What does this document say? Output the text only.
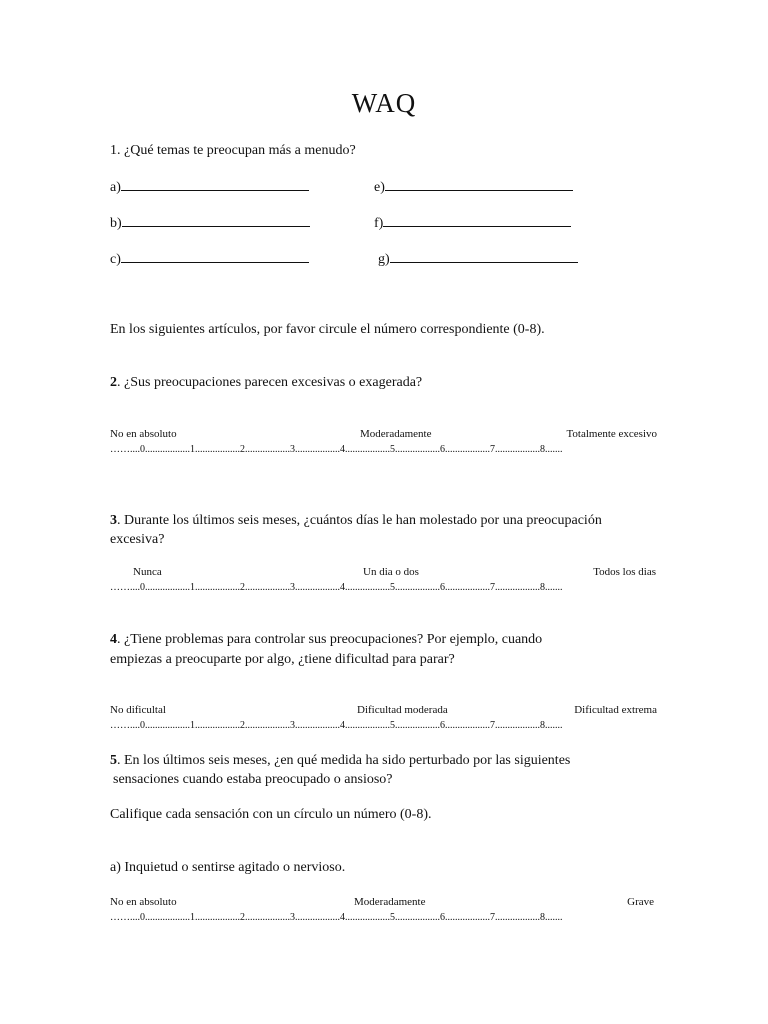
WAQ
1. ¿Qué temas te preocupan más a menudo?
a)	e)
b)	f)
c)	g)
En los siguientes artículos, por favor circule el número correspondiente (0-8).
2. ¿Sus preocupaciones parecen excesivas o exagerada?
No en absoluto	Moderadamente	Totalmente excesivo
……....0..................1..................2..................3..................4..................5..................6..................7..................8.......
3. Durante los últimos seis meses, ¿cuántos días le han molestado por una preocupación
excesiva?
Nunca	Un dia o dos	Todos los dias
……....0..................1..................2..................3..................4..................5..................6..................7..................8.......
4. ¿Tiene problemas para controlar sus preocupaciones? Por ejemplo, cuando
empiezas a preocuparte por algo, ¿tiene dificultad para parar?
No dificultal	Dificultad moderada	Dificultad extrema
……....0..................1..................2..................3..................4..................5..................6..................7..................8.......
5. En los últimos seis meses, ¿en qué medida ha sido perturbado por las siguientes
sensaciones cuando estaba preocupado o ansioso?
Califique cada sensación con un círculo un número (0-8).
a) Inquietud o sentirse agitado o nervioso.
No en absoluto	Moderadamente	Grave
……....0..................1..................2..................3..................4..................5..................6..................7..................8.......
